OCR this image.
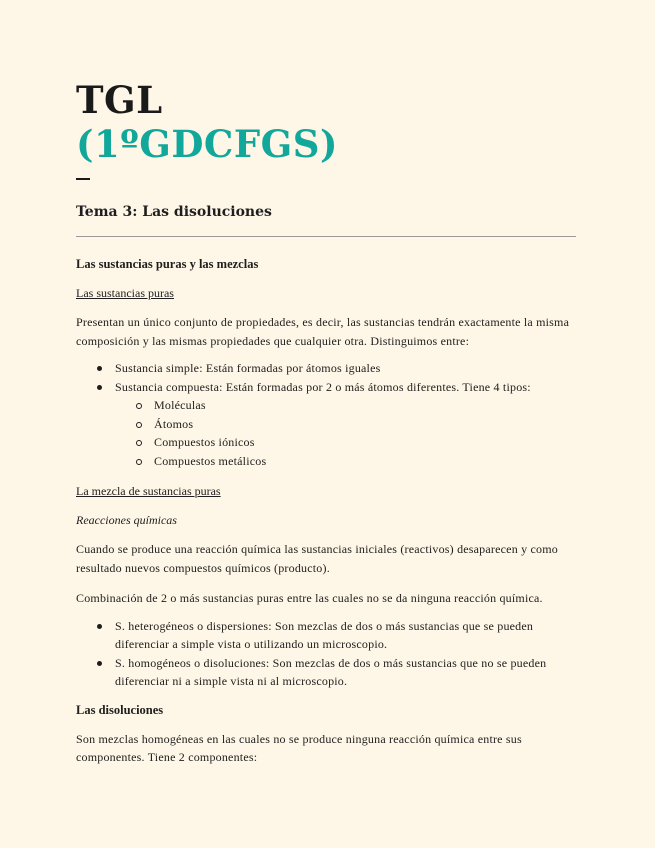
TGL
(1ºGDCFGS)
Tema 3: Las disoluciones
Las sustancias puras y las mezclas
Las sustancias puras
Presentan un único conjunto de propiedades, es decir, las sustancias tendrán exactamente la misma composición y las mismas propiedades que cualquier otra. Distinguimos entre:
Sustancia simple: Están formadas por átomos iguales
Sustancia compuesta: Están formadas por 2 o más átomos diferentes. Tiene 4 tipos:
Moléculas
Átomos
Compuestos iónicos
Compuestos metálicos
La mezcla de sustancias puras
Reacciones químicas
Cuando se produce una reacción química las sustancias iniciales (reactivos) desaparecen y como resultado nuevos compuestos químicos (producto).
Combinación de 2 o más sustancias puras entre las cuales no se da ninguna reacción química.
S. heterogéneos o dispersiones: Son mezclas de dos o más sustancias que se pueden diferenciar a simple vista o utilizando un microscopio.
S. homogéneos o disoluciones: Son mezclas de dos o más sustancias que no se pueden diferenciar ni a simple vista ni al microscopio.
Las disoluciones
Son mezclas homogéneas en las cuales no se produce ninguna reacción química entre sus componentes. Tiene 2 componentes:
